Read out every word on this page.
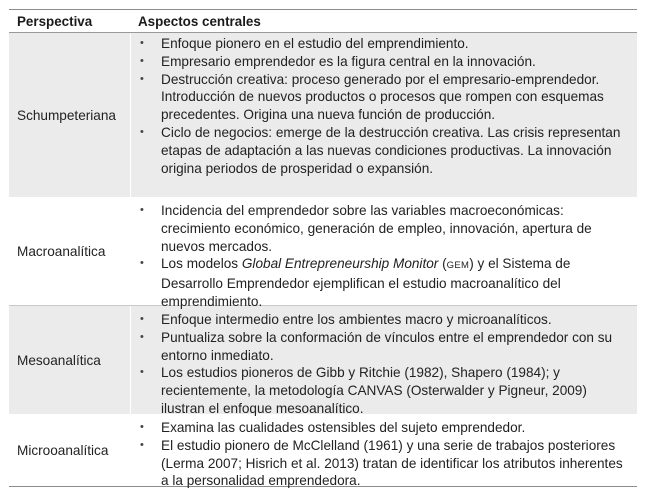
Perspectiva	Aspectos centrales
Schumpeteriana
• Enfoque pionero en el estudio del emprendimiento.
• Empresario emprendedor es la figura central en la innovación.
• Destrucción creativa: proceso generado por el empresario-emprendedor. Introducción de nuevos productos o procesos que rompen con esquemas precedentes. Origina una nueva función de producción.
• Ciclo de negocios: emerge de la destrucción creativa. Las crisis representan etapas de adaptación a las nuevas condiciones productivas. La innovación origina periodos de prosperidad o expansión.
Macroanalítica
• Incidencia del emprendedor sobre las variables macroeconómicas: crecimiento económico, generación de empleo, innovación, apertura de nuevos mercados.
• Los modelos Global Entrepreneurship Monitor (GEM) y el Sistema de Desarrollo Emprendedor ejemplifican el estudio macroanalítico del emprendimiento.
Mesoanalítica
• Enfoque intermedio entre los ambientes macro y microanalíticos.
• Puntualiza sobre la conformación de vínculos entre el emprendedor con su entorno inmediato.
• Los estudios pioneros de Gibb y Ritchie (1982), Shapero (1984); y recientemente, la metodología CANVAS (Osterwalder y Pigneur, 2009) ilustran el enfoque mesoanalítico.
Microoanalítica
• Examina las cualidades ostensibles del sujeto emprendedor.
• El estudio pionero de McClelland (1961) y una serie de trabajos posteriores (Lerma 2007; Hisrich et al. 2013) tratan de identificar los atributos inherentes a la personalidad emprendedora.
